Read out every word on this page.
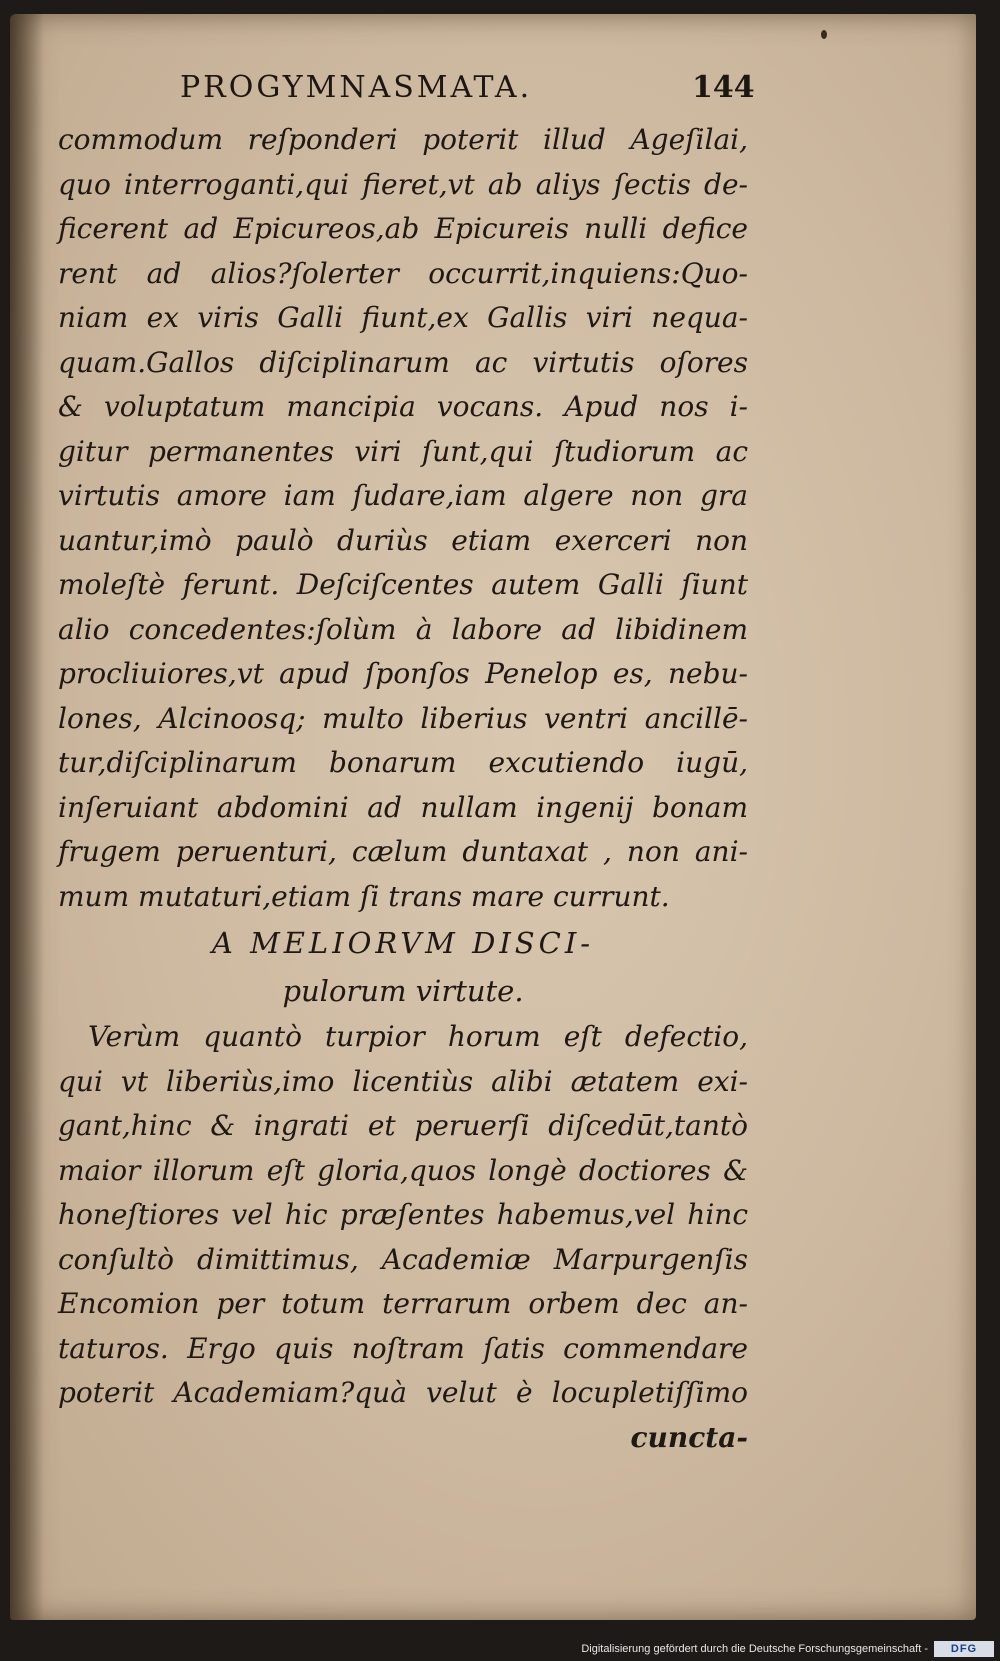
PROGYMNASMATA.	144
commodum reſponderi poterit illud Ageſilai,
quo interroganti,qui fieret,vt ab aliys ſectis de-
ficerent ad Epicureos,ab Epicureis nulli defice
rent ad alios?ſolerter occurrit,inquiens:Quo-
niam ex viris Galli fiunt,ex Gallis viri nequa-
quam.Gallos diſciplinarum ac virtutis oſores
& voluptatum mancipia vocans. Apud nos i-
gitur permanentes viri ſunt,qui ſtudiorum ac
virtutis amore iam ſudare,iam algere non gra
uantur,imò paulò duriùs etiam exerceri non
moleſtè ferunt. Deſciſcentes autem Galli ſiunt
alio concedentes:ſolùm à labore ad libidinem
procliuiores,vt apud ſponſos Penelop es, nebu-
lones, Alcinoosq; multo liberius ventri ancillē-
tur,diſciplinarum bonarum excutiendo iugū,
inſeruiant abdomini ad nullam ingeniј bonam
frugem peruenturi, cælum duntaxat , non ani-
mum mutaturi,etiam ſi trans mare currunt.
A MELIORVM DISCI-
pulorum virtute.
Verùm quantò turpior horum eſt defectio,
qui vt liberiùs,imo licentiùs alibi ætatem exi-
gant,hinc & ingrati et peruerſi diſcedūt,tantò
maior illorum eſt gloria,quos longè doctiores &
honeſtiores vel hic præſentes habemus,vel hinc
conſultò dimittimus, Academiæ Marpurgenſis
Encomion per totum terrarum orbem dec an-
taturos. Ergo quis noſtram ſatis commendare
poterit Academiam?quà velut è locupletiſſimo
cuncta-
Digitalisierung gefördert durch die Deutsche Forschungsgemeinschaft -	DFG
